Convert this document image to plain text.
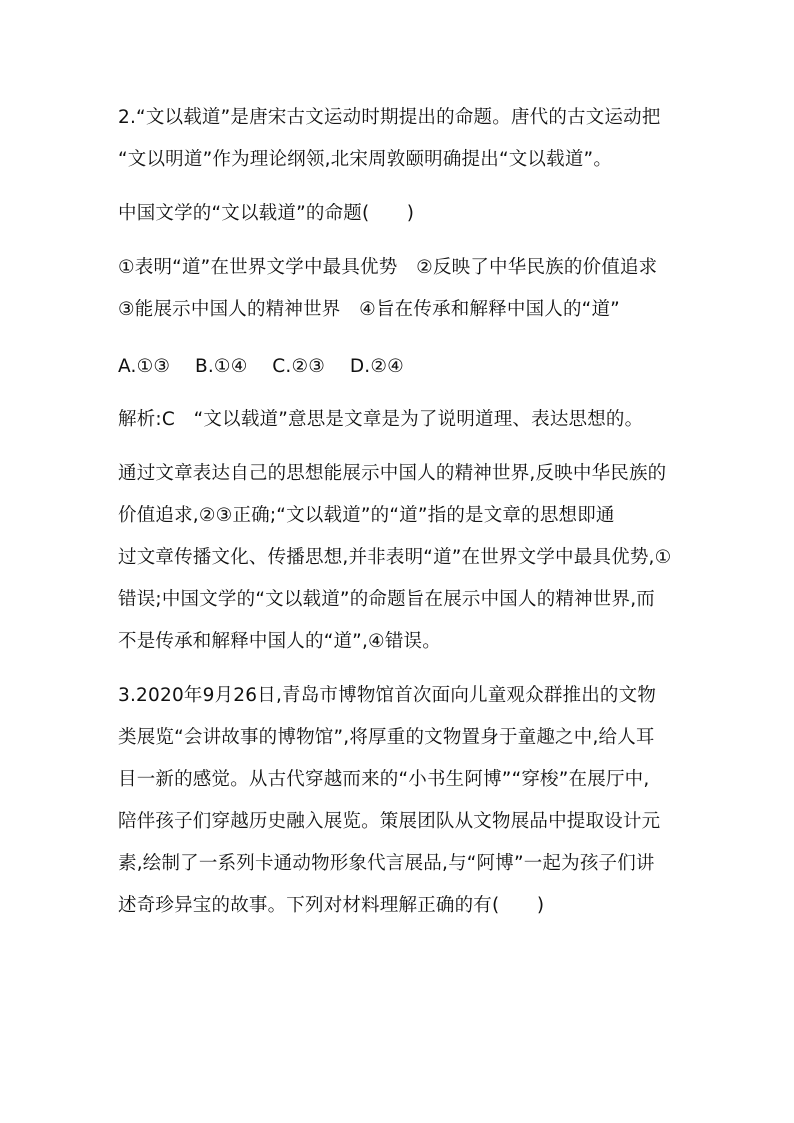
2.“文以载道”是唐宋古文运动时期提出的命题。唐代的古文运动把
“文以明道”作为理论纲领,北宋周敦颐明确提出“文以载道”。
中国文学的“文以载道”的命题(　　)
①表明“道”在世界文学中最具优势　②反映了中华民族的价值追求
③能展示中国人的精神世界　④旨在传承和解释中国人的“道”
A.①③　 B.①④　 C.②③　 D.②④
解析:C　“文以载道”意思是文章是为了说明道理、表达思想的。
通过文章表达自己的思想能展示中国人的精神世界,反映中华民族的
价值追求,②③正确;“文以载道”的“道”指的是文章的思想即通
过文章传播文化、传播思想,并非表明“道”在世界文学中最具优势,①
错误;中国文学的“文以载道”的命题旨在展示中国人的精神世界,而
不是传承和解释中国人的“道”,④错误。
3.2020年9月26日,青岛市博物馆首次面向儿童观众群推出的文物
类展览“会讲故事的博物馆”,将厚重的文物置身于童趣之中,给人耳
目一新的感觉。从古代穿越而来的“小书生阿博”“穿梭”在展厅中,
陪伴孩子们穿越历史融入展览。策展团队从文物展品中提取设计元
素,绘制了一系列卡通动物形象代言展品,与“阿博”一起为孩子们讲
述奇珍异宝的故事。下列对材料理解正确的有(　　)
